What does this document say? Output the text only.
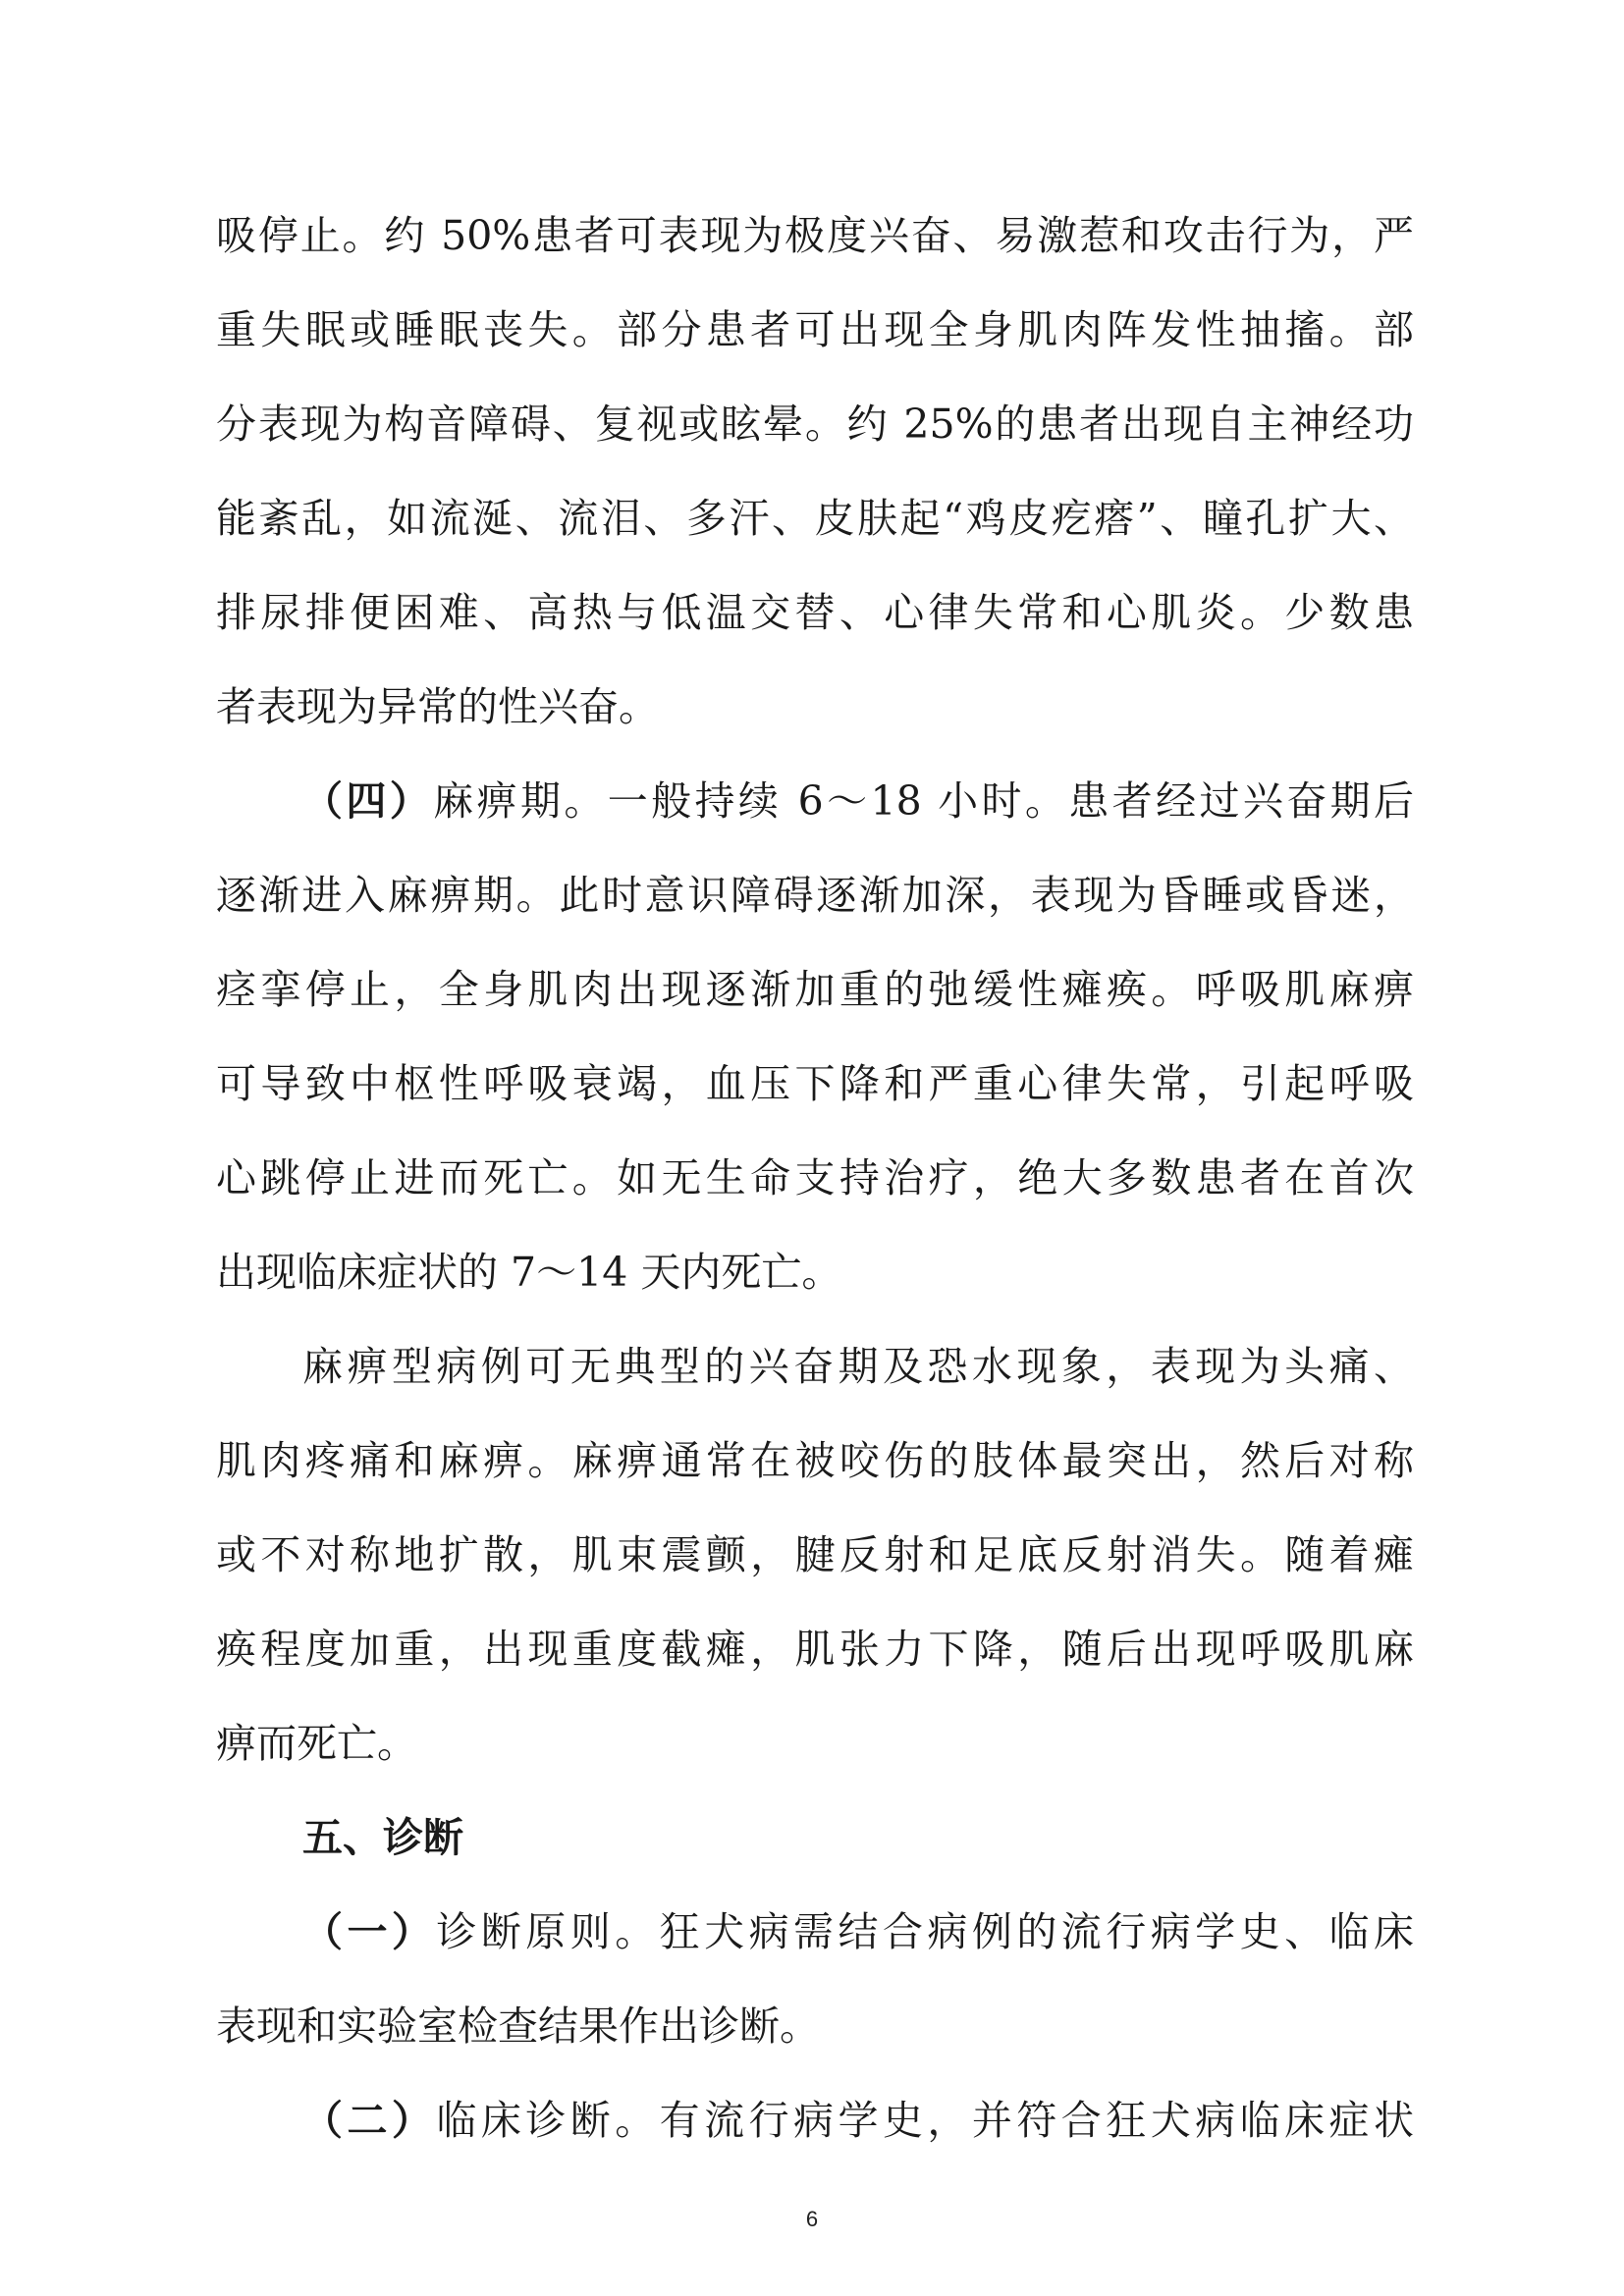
吸停止。约 50%患者可表现为极度兴奋、易激惹和攻击行为，严
重失眠或睡眠丧失。部分患者可出现全身肌肉阵发性抽搐。部
分表现为构音障碍、复视或眩晕。约 25%的患者出现自主神经功
能紊乱，如流涎、流泪、多汗、皮肤起“鸡皮疙瘩”、瞳孔扩大、
排尿排便困难、高热与低温交替、心律失常和心肌炎。少数患
者表现为异常的性兴奋。
（四）麻痹期。一般持续 6～18 小时。患者经过兴奋期后
逐渐进入麻痹期。此时意识障碍逐渐加深，表现为昏睡或昏迷，
痉挛停止，全身肌肉出现逐渐加重的弛缓性瘫痪。呼吸肌麻痹
可导致中枢性呼吸衰竭，血压下降和严重心律失常，引起呼吸
心跳停止进而死亡。如无生命支持治疗，绝大多数患者在首次
出现临床症状的 7～14 天内死亡。
麻痹型病例可无典型的兴奋期及恐水现象，表现为头痛、
肌肉疼痛和麻痹。麻痹通常在被咬伤的肢体最突出，然后对称
或不对称地扩散，肌束震颤，腱反射和足底反射消失。随着瘫
痪程度加重，出现重度截瘫，肌张力下降，随后出现呼吸肌麻
痹而死亡。
五、诊断
（一）诊断原则。狂犬病需结合病例的流行病学史、临床
表现和实验室检查结果作出诊断。
（二）临床诊断。有流行病学史，并符合狂犬病临床症状
6
